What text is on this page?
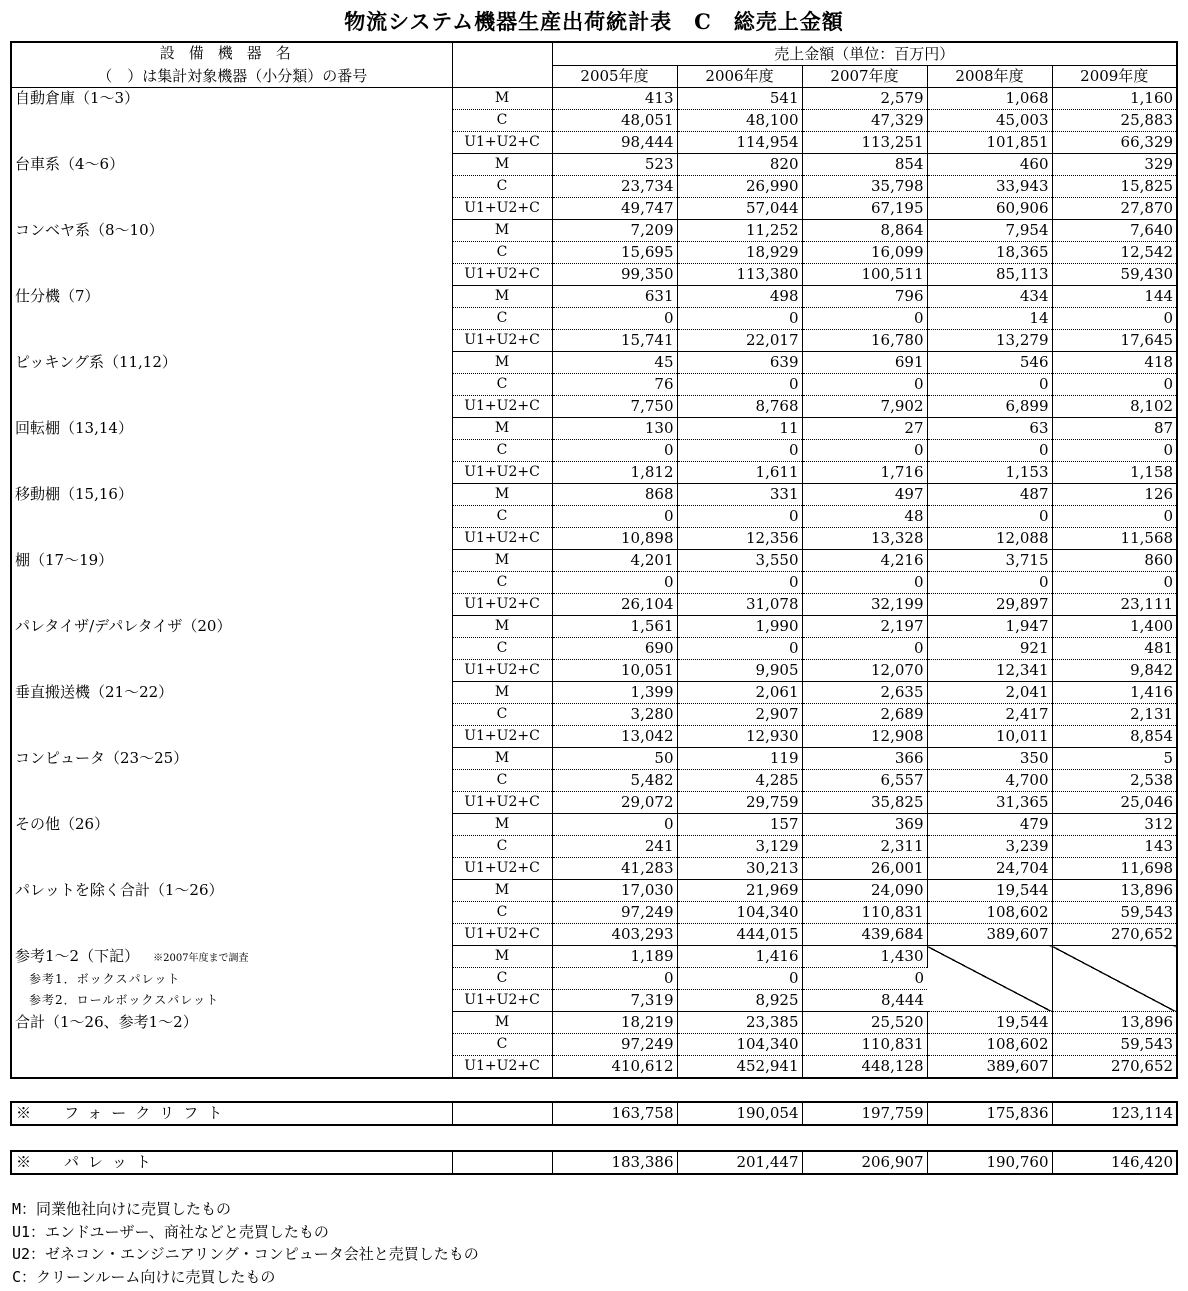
物流システム機器生産出荷統計表　C　総売上金額
設備機器名		売上金額（単位：百万円）				
（　）は集計対象機器（小分類）の番号		2005年度	2006年度	2007年度	2008年度	2009年度
自動倉庫（1～3）	M	413	541	2,579	1,068	1,160
	C	48,051	48,100	47,329	45,003	25,883
	U1+U2+C	98,444	114,954	113,251	101,851	66,329
台車系（4～6）	M	523	820	854	460	329
	C	23,734	26,990	35,798	33,943	15,825
	U1+U2+C	49,747	57,044	67,195	60,906	27,870
コンベヤ系（8～10）	M	7,209	11,252	8,864	7,954	7,640
	C	15,695	18,929	16,099	18,365	12,542
	U1+U2+C	99,350	113,380	100,511	85,113	59,430
仕分機（7）	M	631	498	796	434	144
	C	0	0	0	14	0
	U1+U2+C	15,741	22,017	16,780	13,279	17,645
ピッキング系（11,12）	M	45	639	691	546	418
	C	76	0	0	0	0
	U1+U2+C	7,750	8,768	7,902	6,899	8,102
回転棚（13,14）	M	130	11	27	63	87
	C	0	0	0	0	0
	U1+U2+C	1,812	1,611	1,716	1,153	1,158
移動棚（15,16）	M	868	331	497	487	126
	C	0	0	48	0	0
	U1+U2+C	10,898	12,356	13,328	12,088	11,568
棚（17～19）	M	4,201	3,550	4,216	3,715	860
	C	0	0	0	0	0
	U1+U2+C	26,104	31,078	32,199	29,897	23,111
パレタイザ/デパレタイザ（20）	M	1,561	1,990	2,197	1,947	1,400
	C	690	0	0	921	481
	U1+U2+C	10,051	9,905	12,070	12,341	9,842
垂直搬送機（21～22）	M	1,399	2,061	2,635	2,041	1,416
	C	3,280	2,907	2,689	2,417	2,131
	U1+U2+C	13,042	12,930	12,908	10,011	8,854
コンピュータ（23～25）	M	50	119	366	350	5
	C	5,482	4,285	6,557	4,700	2,538
	U1+U2+C	29,072	29,759	35,825	31,365	25,046
その他（26）	M	0	157	369	479	312
	C	241	3,129	2,311	3,239	143
	U1+U2+C	41,283	30,213	26,001	24,704	11,698
パレットを除く合計（1～26）	M	17,030	21,969	24,090	19,544	13,896
	C	97,249	104,340	110,831	108,602	59,543
	U1+U2+C	403,293	444,015	439,684	389,607	270,652

参考1～2（下記） ※2007年度まで調査
参考1．ボックスパレット
参考2．ロールボックスパレット	M	1,189	1,416	1,430		
	C	0	0	0		
	U1+U2+C	7,319	8,925	8,444		
合計（1～26、参考1～2）	M	18,219	23,385	25,520	19,544	13,896
	C	97,249	104,340	110,831	108,602	59,543
	U1+U2+C	410,612	452,941	448,128	389,607	270,652
※　フォークリフト		163,758	190,054	197,759	175,836	123,114
※　パレット		183,386	201,447	206,907	190,760	146,420
M：同業他社向けに売買したもの
U1：エンドユーザー、商社などと売買したもの
U2：ゼネコン・エンジニアリング・コンピュータ会社と売買したもの
C：クリーンルーム向けに売買したもの
